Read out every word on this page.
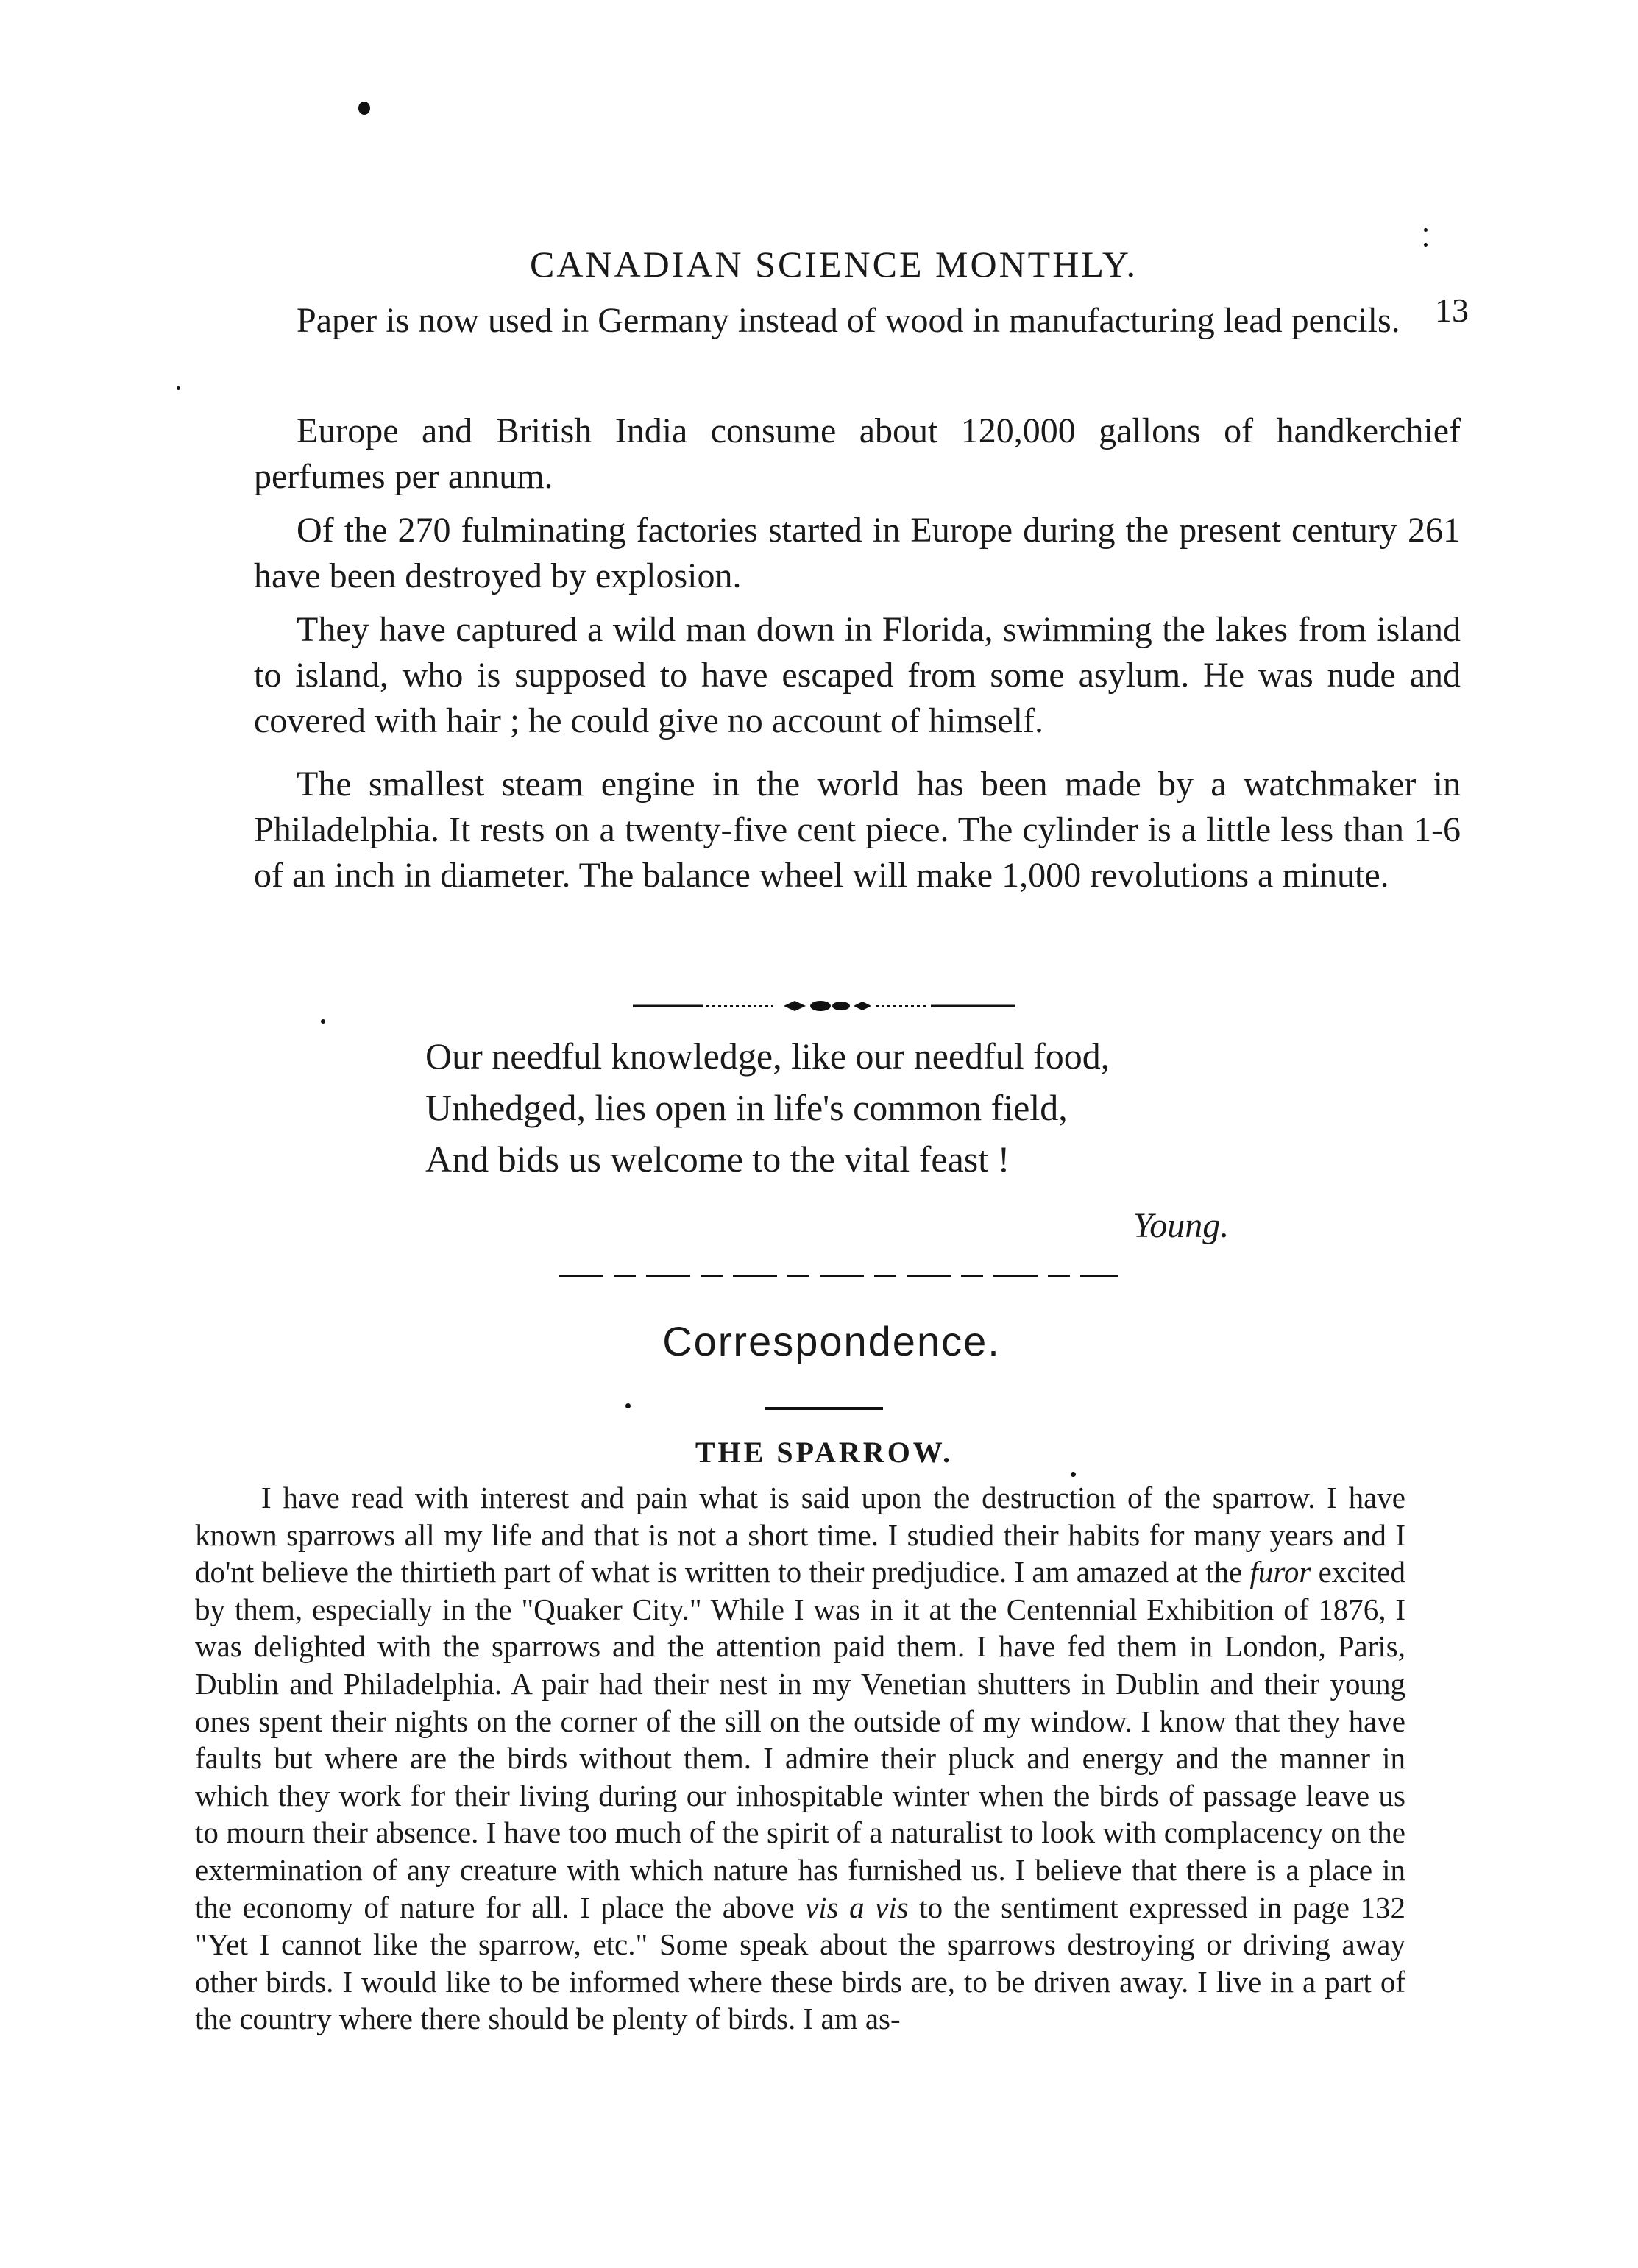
CANADIAN SCIENCE MONTHLY.
13
Paper is now used in Germany instead of wood in manufacturing lead pencils.
Europe and British India consume about 120,000 gallons of handkerchief perfumes per annum.
Of the 270 fulminating factories started in Europe during the present century 261 have been destroyed by explosion.
They have captured a wild man down in Florida, swimming the lakes from island to island, who is supposed to have escaped from some asylum. He was nude and covered with hair ; he could give no account of himself.
The smallest steam engine in the world has been made by a watchmaker in Philadelphia. It rests on a twenty-five cent piece. The cylinder is a little less than 1-6 of an inch in diameter. The balance wheel will make 1,000 revolutions a minute.
Our needful knowledge, like our needful food,
Unhedged, lies open in life's common field,
And bids us welcome to the vital feast !
Young.
Correspondence.
THE SPARROW.
I have read with interest and pain what is said upon the destruction of the sparrow. I have known sparrows all my life and that is not a short time. I studied their habits for many years and I do'nt believe the thirtieth part of what is written to their predjudice. I am amazed at the furor excited by them, especially in the "Quaker City." While I was in it at the Centennial Exhibition of 1876, I was delighted with the sparrows and the attention paid them. I have fed them in London, Paris, Dublin and Philadelphia. A pair had their nest in my Venetian shutters in Dublin and their young ones spent their nights on the corner of the sill on the outside of my window. I know that they have faults but where are the birds without them. I admire their pluck and energy and the manner in which they work for their living during our inhospitable winter when the birds of passage leave us to mourn their absence. I have too much of the spirit of a naturalist to look with complacency on the extermination of any creature with which nature has furnished us. I believe that there is a place in the economy of nature for all. I place the above vis a vis to the sentiment expressed in page 132 "Yet I cannot like the sparrow, etc." Some speak about the sparrows destroying or driving away other birds. I would like to be informed where these birds are, to be driven away. I live in a part of the country where there should be plenty of birds. I am as-
